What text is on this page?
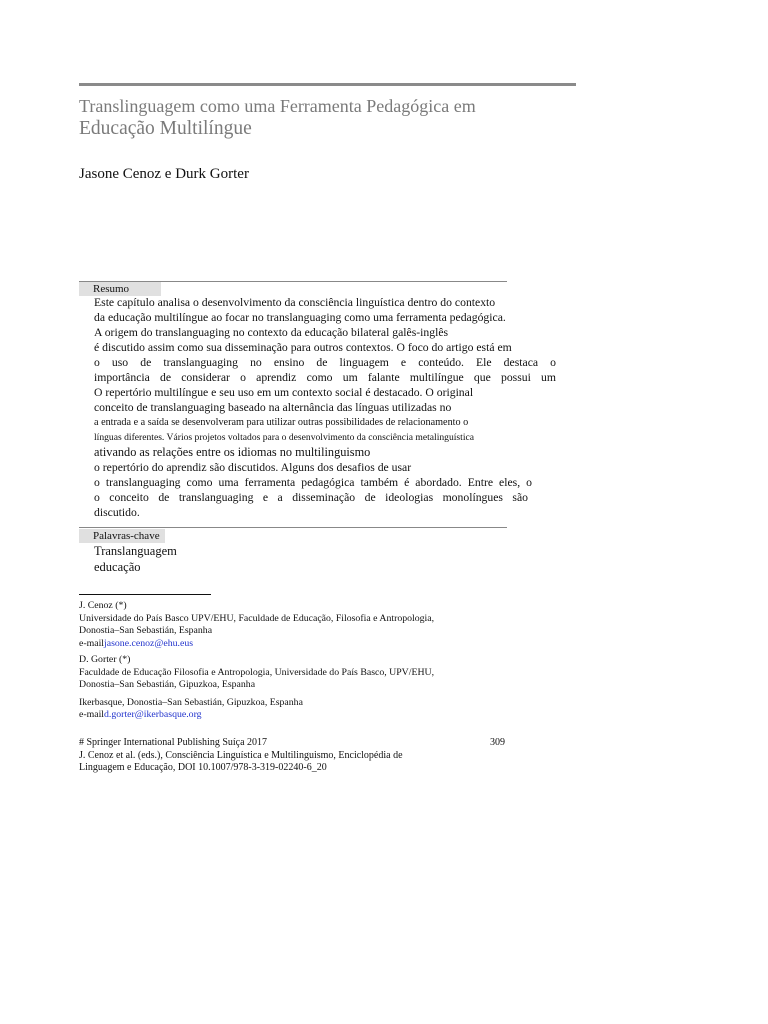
Translinguagem como uma Ferramenta Pedagógica em
Educação Multilíngue
Jasone Cenoz e Durk Gorter
Resumo
Este capítulo analisa o desenvolvimento da consciência linguística dentro do contexto
da educação multilíngue ao focar no translanguaging como uma ferramenta pedagógica.
A origem do translanguaging no contexto da educação bilateral galês-inglês
é discutido assim como sua disseminação para outros contextos. O foco do artigo está em
o uso de translanguaging no ensino de linguagem e conteúdo. Ele destaca o
importância de considerar o aprendiz como um falante multilíngue que possui um
O repertório multilíngue e seu uso em um contexto social é destacado. O original
conceito de translanguaging baseado na alternância das línguas utilizadas no
a entrada e a saída se desenvolveram para utilizar outras possibilidades de relacionamento o
línguas diferentes. Vários projetos voltados para o desenvolvimento da consciência metalinguística
ativando as relações entre os idiomas no multilinguismo
o repertório do aprendiz são discutidos. Alguns dos desafios de usar
o translanguaging como uma ferramenta pedagógica também é abordado. Entre eles, o
o conceito de translanguaging e a disseminação de ideologias monolíngues são
discutido.
Palavras-chave
Translanguagem
educação
J. Cenoz (*)
Universidade do País Basco UPV/EHU, Faculdade de Educação, Filosofia e Antropologia,
Donostia–San Sebastián, Espanha
e-mailjasone.cenoz@ehu.eus
D. Gorter (*)
Faculdade de Educação Filosofia e Antropologia, Universidade do País Basco, UPV/EHU,
Donostia–San Sebastián, Gipuzkoa, Espanha
Ikerbasque, Donostia–San Sebastián, Gipuzkoa, Espanha
e-maild.gorter@ikerbasque.org
# Springer International Publishing Suíça 2017
J. Cenoz et al. (eds.), Consciência Linguística e Multilinguismo, Enciclopédia de
Linguagem e Educação, DOI 10.1007/978-3-319-02240-6_20
309
